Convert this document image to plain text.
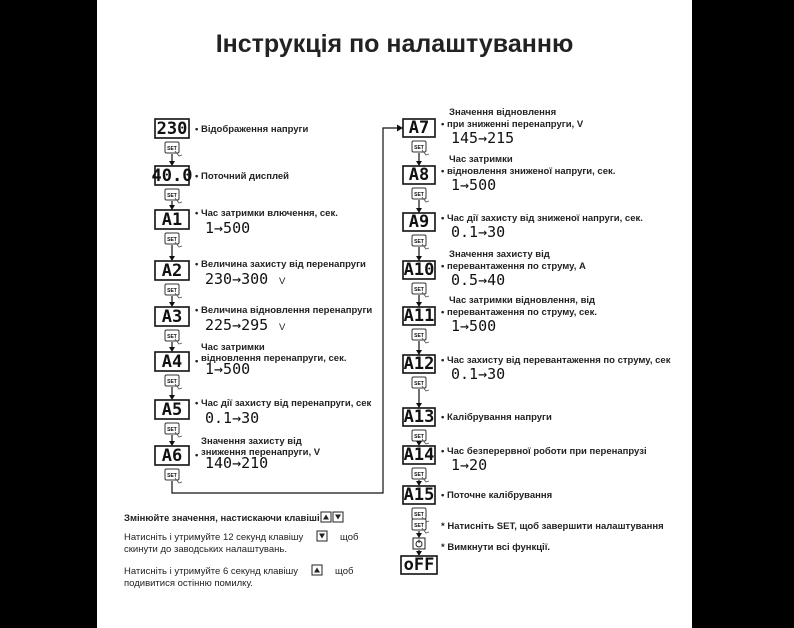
Інструкція по налаштуванню
230 • Відображення напруги
SET
40.0 • Поточний дисплей
SET
A1 • Час затримки влючення, сек.
1→500
SET
A2 • Величина захисту від перенапруги
230→300 V
SET
A3 • Величина відновлення перенапруги
225→295 V
SET
A4
Час затримки
відновлення перенапруги, сек.
• 1→500
SET
A5 • Час дії захисту від перенапруги, сек
0.1→30
SET
A6
Значення захисту від
зниження перенапруги, V
• 140→210
SET
A7
Значення відновлення
• при зниженні перенапруги, V
145→215
SET
A8
Час затримки
• відновлення зниженої напруги, сек.
1→500
SET
A9 • Час дії захисту від зниженої напруги, сек.
0.1→30
SET
A10
Значення захисту від
• перевантаження по струму, A
0.5→40
SET
A11
Час затримки відновлення, від
• перевантаження по струму, сек.
1→500
SET
A12 • Час захисту від перевантаження по струму, сек
0.1→30
SET
A13 • Калібрування напруги
SET
A14 • Час безперервної роботи при перенапрузі
1→20
SET
A15 • Поточне калібрування
SET
SET * Натисніть SET, щоб завершити налаштування
* Вимкнути всі функції.
oFF
Змінюйте значення, настискаючи клавіші
Натисніть і утримуйте 12 секунд клавішу	щоб
скинути до заводських налаштувань.
Натисніть і утримуйте 6 секунд клавішу	щоб
подивитися остінню помилку.
